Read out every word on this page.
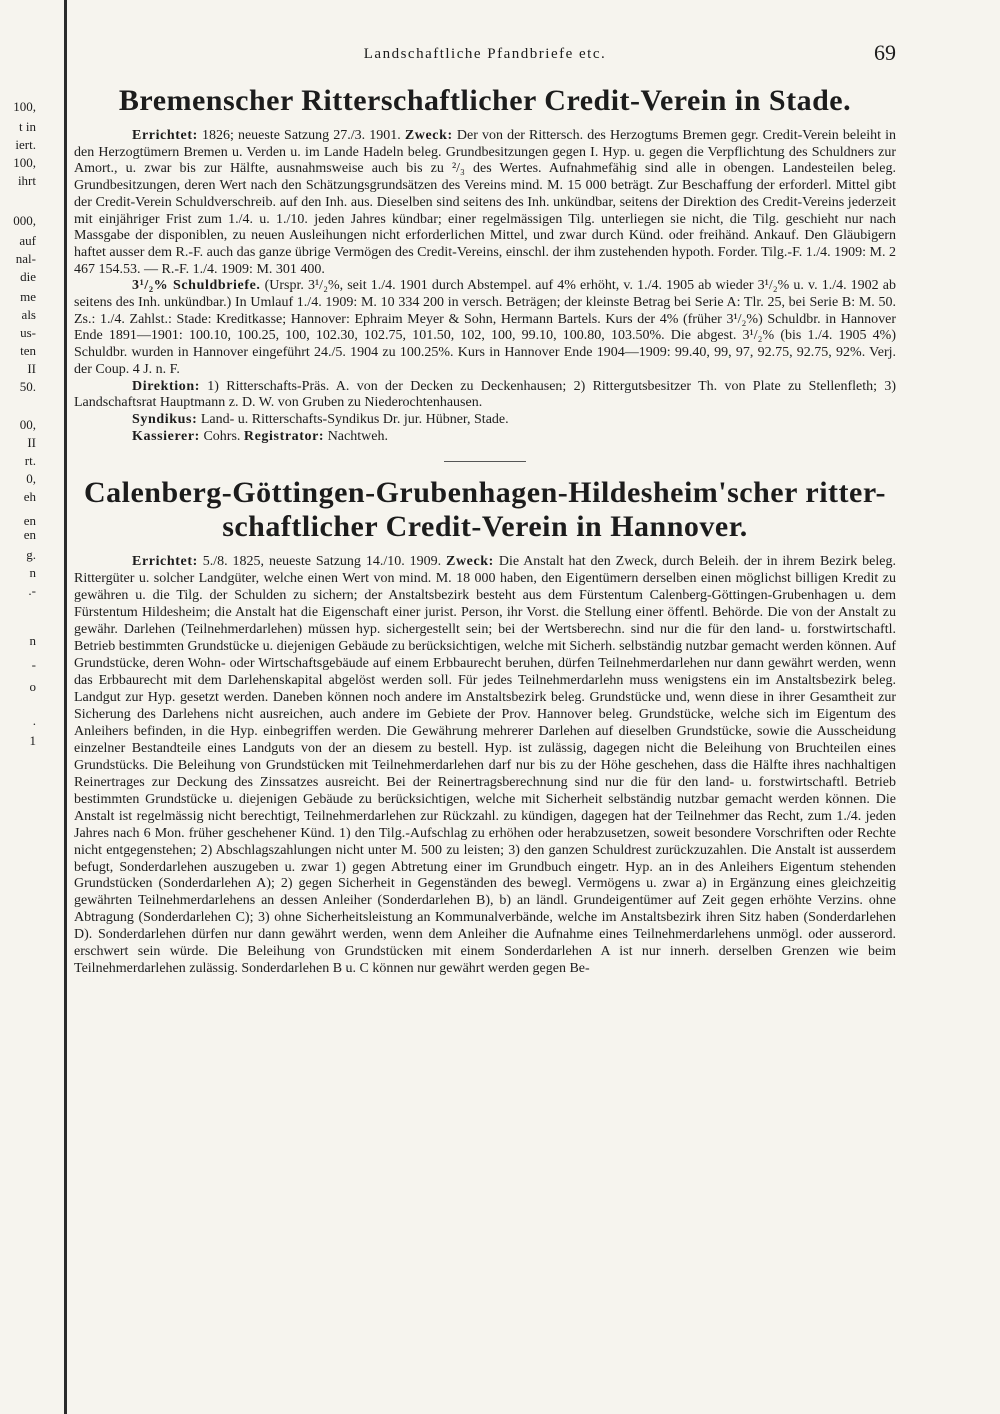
100,
t in
iert.
100,
ihrt
000,
auf
nal-
die
me
als
us-
ten
II
50.
00,
II
rt.
0,
eh
en
en
g.
n
.-
n
-
o
.
1
Landschaftliche Pfandbriefe etc.	69
Bremenscher Ritterschaftlicher Credit-Verein in Stade.

Errichtet: 1826; neueste Satzung 27./3. 1901. Zweck: Der von der Rittersch. des Herzogtums Bremen gegr. Credit-Verein beleiht in den Herzogtümern Bremen u. Verden u. im Lande Hadeln beleg. Grundbesitzungen gegen I. Hyp. u. gegen die Verpflichtung des Schuldners zur Amort., u. zwar bis zur Hälfte, ausnahmsweise auch bis zu ²/₃ des Wertes. Aufnahmefähig sind alle in obengen. Landesteilen beleg. Grundbesitzungen, deren Wert nach den Schätzungsgrundsätzen des Vereins mind. M. 15 000 beträgt. Zur Beschaffung der erforderl. Mittel gibt der Credit-Verein Schuldverschreib. auf den Inh. aus. Dieselben sind seitens des Inh. unkündbar, seitens der Direktion des Credit-Vereins jederzeit mit einjähriger Frist zum 1./4. u. 1./10. jeden Jahres kündbar; einer regelmässigen Tilg. unterliegen sie nicht, die Tilg. geschieht nur nach Massgabe der disponiblen, zu neuen Ausleihungen nicht erforderlichen Mittel, und zwar durch Künd. oder freihänd. Ankauf. Den Gläubigern haftet ausser dem R.-F. auch das ganze übrige Vermögen des Credit-Vereins, einschl. der ihm zustehenden hypoth. Forder. Tilg.-F. 1./4. 1909: M. 2 467 154.53. — R.-F. 1./4. 1909: M. 301 400.

3¹/₂% Schuldbriefe. (Urspr. 3¹/₂%, seit 1./4. 1901 durch Abstempel. auf 4% erhöht, v. 1./4. 1905 ab wieder 3¹/₂% u. v. 1./4. 1902 ab seitens des Inh. unkündbar.) In Umlauf 1./4. 1909: M. 10 334 200 in versch. Beträgen; der kleinste Betrag bei Serie A: Tlr. 25, bei Serie B: M. 50. Zs.: 1./4. Zahlst.: Stade: Kreditkasse; Hannover: Ephraim Meyer & Sohn, Hermann Bartels. Kurs der 4% (früher 3¹/₂%) Schuldbr. in Hannover Ende 1891—1901: 100.10, 100.25, 100, 102.30, 102.75, 101.50, 102, 100, 99.10, 100.80, 103.50%. Die abgest. 3¹/₂% (bis 1./4. 1905 4%) Schuldbr. wurden in Hannover eingeführt 24./5. 1904 zu 100.25%. Kurs in Hannover Ende 1904—1909: 99.40, 99, 97, 92.75, 92.75, 92%. Verj. der Coup. 4 J. n. F.

Direktion: 1) Ritterschafts-Präs. A. von der Decken zu Deckenhausen; 2) Rittergutsbesitzer Th. von Plate zu Stellenfleth; 3) Landschaftsrat Hauptmann z. D. W. von Gruben zu Niederochtenhausen.

Syndikus: Land- u. Ritterschafts-Syndikus Dr. jur. Hübner, Stade.

Kassierer: Cohrs. Registrator: Nachtweh.

Calenberg-Göttingen-Grubenhagen-Hildesheim'scher ritter-
schaftlicher Credit-Verein in Hannover.

Errichtet: 5./8. 1825, neueste Satzung 14./10. 1909. Zweck: Die Anstalt hat den Zweck, durch Beleih. der in ihrem Bezirk beleg. Rittergüter u. solcher Landgüter, welche einen Wert von mind. M. 18 000 haben, den Eigentümern derselben einen möglichst billigen Kredit zu gewähren u. die Tilg. der Schulden zu sichern; der Anstaltsbezirk besteht aus dem Fürstentum Calenberg-Göttingen-Grubenhagen u. dem Fürstentum Hildesheim; die Anstalt hat die Eigenschaft einer jurist. Person, ihr Vorst. die Stellung einer öffentl. Behörde. Die von der Anstalt zu gewähr. Darlehen (Teilnehmerdarlehen) müssen hyp. sichergestellt sein; bei der Wertsberechn. sind nur die für den land- u. forstwirtschaftl. Betrieb bestimmten Grundstücke u. diejenigen Gebäude zu berücksichtigen, welche mit Sicherh. selbständig nutzbar gemacht werden können. Auf Grundstücke, deren Wohn- oder Wirtschaftsgebäude auf einem Erbbaurecht beruhen, dürfen Teilnehmerdarlehen nur dann gewährt werden, wenn das Erbbaurecht mit dem Darlehenskapital abgelöst werden soll. Für jedes Teilnehmerdarlehn muss wenigstens ein im Anstaltsbezirk beleg. Landgut zur Hyp. gesetzt werden. Daneben können noch andere im Anstaltsbezirk beleg. Grundstücke und, wenn diese in ihrer Gesamtheit zur Sicherung des Darlehens nicht ausreichen, auch andere im Gebiete der Prov. Hannover beleg. Grundstücke, welche sich im Eigentum des Anleihers befinden, in die Hyp. einbegriffen werden. Die Gewährung mehrerer Darlehen auf dieselben Grundstücke, sowie die Ausscheidung einzelner Bestandteile eines Landguts von der an diesem zu bestell. Hyp. ist zulässig, dagegen nicht die Beleihung von Bruchteilen eines Grundstücks. Die Beleihung von Grundstücken mit Teilnehmerdarlehen darf nur bis zu der Höhe geschehen, dass die Hälfte ihres nachhaltigen Reinertrages zur Deckung des Zinssatzes ausreicht. Bei der Reinertragsberechnung sind nur die für den land- u. forstwirtschaftl. Betrieb bestimmten Grundstücke u. diejenigen Gebäude zu berücksichtigen, welche mit Sicherheit selbständig nutzbar gemacht werden können. Die Anstalt ist regelmässig nicht berechtigt, Teilnehmerdarlehen zur Rückzahl. zu kündigen, dagegen hat der Teilnehmer das Recht, zum 1./4. jeden Jahres nach 6 Mon. früher geschehener Künd. 1) den Tilg.-Aufschlag zu erhöhen oder herabzusetzen, soweit besondere Vorschriften oder Rechte nicht entgegenstehen; 2) Abschlagszahlungen nicht unter M. 500 zu leisten; 3) den ganzen Schuldrest zurückzuzahlen. Die Anstalt ist ausserdem befugt, Sonderdarlehen auszugeben u. zwar 1) gegen Abtretung einer im Grundbuch eingetr. Hyp. an in des Anleihers Eigentum stehenden Grundstücken (Sonderdarlehen A); 2) gegen Sicherheit in Gegenständen des bewegl. Vermögens u. zwar a) in Ergänzung eines gleichzeitig gewährten Teilnehmerdarlehens an dessen Anleiher (Sonderdarlehen B), b) an ländl. Grundeigentümer auf Zeit gegen erhöhte Verzins. ohne Abtragung (Sonderdarlehen C); 3) ohne Sicherheitsleistung an Kommunalverbände, welche im Anstaltsbezirk ihren Sitz haben (Sonderdarlehen D). Sonderdarlehen dürfen nur dann gewährt werden, wenn dem Anleiher die Aufnahme eines Teilnehmerdarlehens unmögl. oder ausserord. erschwert sein würde. Die Beleihung von Grundstücken mit einem Sonderdarlehen A ist nur innerh. derselben Grenzen wie beim Teilnehmerdarlehen zulässig. Sonderdarlehen B u. C können nur gewährt werden gegen Be-
